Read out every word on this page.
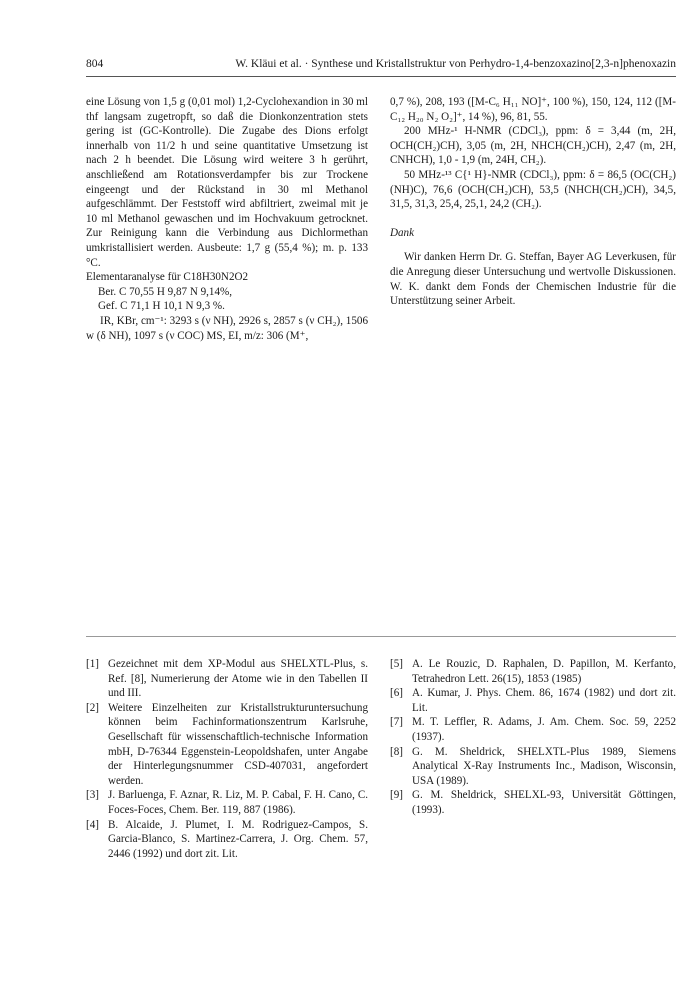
804	W. Kläui et al. · Synthese und Kristallstruktur von Perhydro-1,4-benzoxazino[2,3-n]phenoxazin

eine Lösung von 1,5 g (0,01 mol) 1,2-Cyclohexandion in 30 ml thf langsam zugetropft, so daß die Dionkonzentration stets gering ist (GC-Kontrolle). Die Zugabe des Dions erfolgt innerhalb von 11/2 h und seine quantitative Umsetzung ist nach 2 h beendet. Die Lösung wird weitere 3 h gerührt, anschließend am Rotationsverdampfer bis zur Trockene eingeengt und der Rückstand in 30 ml Methanol aufgeschlämmt. Der Feststoff wird abfiltriert, zweimal mit je 10 ml Methanol gewaschen und im Hochvakuum getrocknet. Zur Reinigung kann die Verbindung aus Dichlormethan umkristallisiert werden. Ausbeute: 1,7 g (55,4 %); m. p. 133 °C.

Elementaranalyse für C18H30N2O2

Ber. C 70,55 H 9,87 N 9,14%,

Gef. C 71,1 H 10,1 N 9,3 %.

IR, KBr, cm⁻¹: 3293 s (ν NH), 2926 s, 2857 s (ν CH₂), 1506 w (δ NH), 1097 s (ν COC) MS, EI, m/z: 306 (M⁺,

0,7 %), 208, 193 ([M-C₆ H₁₁ NO]⁺, 100 %), 150, 124, 112 ([M-C₁₂ H₂₀ N₂ O₂]⁺, 14 %), 96, 81, 55.

200 MHz-¹ H-NMR (CDCl₃), ppm: δ = 3,44 (m, 2H, OCH(CH₂)CH), 3,05 (m, 2H, NHCH(CH₂)CH), 2,47 (m, 2H, CNHCH), 1,0 - 1,9 (m, 24H, CH₂).

50 MHz-¹³ C{¹ H}-NMR (CDCl₃), ppm: δ = 86,5 (OC(CH₂)(NH)C), 76,6 (OCH(CH₂)CH), 53,5 (NHCH(CH₂)CH), 34,5, 31,5, 31,3, 25,4, 25,1, 24,2 (CH₂).

Dank

Wir danken Herrn Dr. G. Steffan, Bayer AG Leverkusen, für die Anregung dieser Untersuchung und wertvolle Diskussionen. W. K. dankt dem Fonds der Chemischen Industrie für die Unterstützung seiner Arbeit.

[1] Gezeichnet mit dem XP-Modul aus SHELXTL-Plus, s. Ref. [8], Numerierung der Atome wie in den Tabellen II und III.
[2] Weitere Einzelheiten zur Kristallstrukturuntersuchung können beim Fachinformationszentrum Karlsruhe, Gesellschaft für wissenschaftlich-technische Information mbH, D-76344 Eggenstein-Leopoldshafen, unter Angabe der Hinterlegungsnummer CSD-407031, angefordert werden.
[3] J. Barluenga, F. Aznar, R. Liz, M. P. Cabal, F. H. Cano, C. Foces-Foces, Chem. Ber. 119, 887 (1986).
[4] B. Alcaide, J. Plumet, I. M. Rodriguez-Campos, S. Garcia-Blanco, S. Martinez-Carrera, J. Org. Chem. 57, 2446 (1992) und dort zit. Lit.
[5] A. Le Rouzic, D. Raphalen, D. Papillon, M. Kerfanto, Tetrahedron Lett. 26(15), 1853 (1985)
[6] A. Kumar, J. Phys. Chem. 86, 1674 (1982) und dort zit. Lit.
[7] M. T. Leffler, R. Adams, J. Am. Chem. Soc. 59, 2252 (1937).
[8] G. M. Sheldrick, SHELXTL-Plus 1989, Siemens Analytical X-Ray Instruments Inc., Madison, Wisconsin, USA (1989).
[9] G. M. Sheldrick, SHELXL-93, Universität Göttingen, (1993).
